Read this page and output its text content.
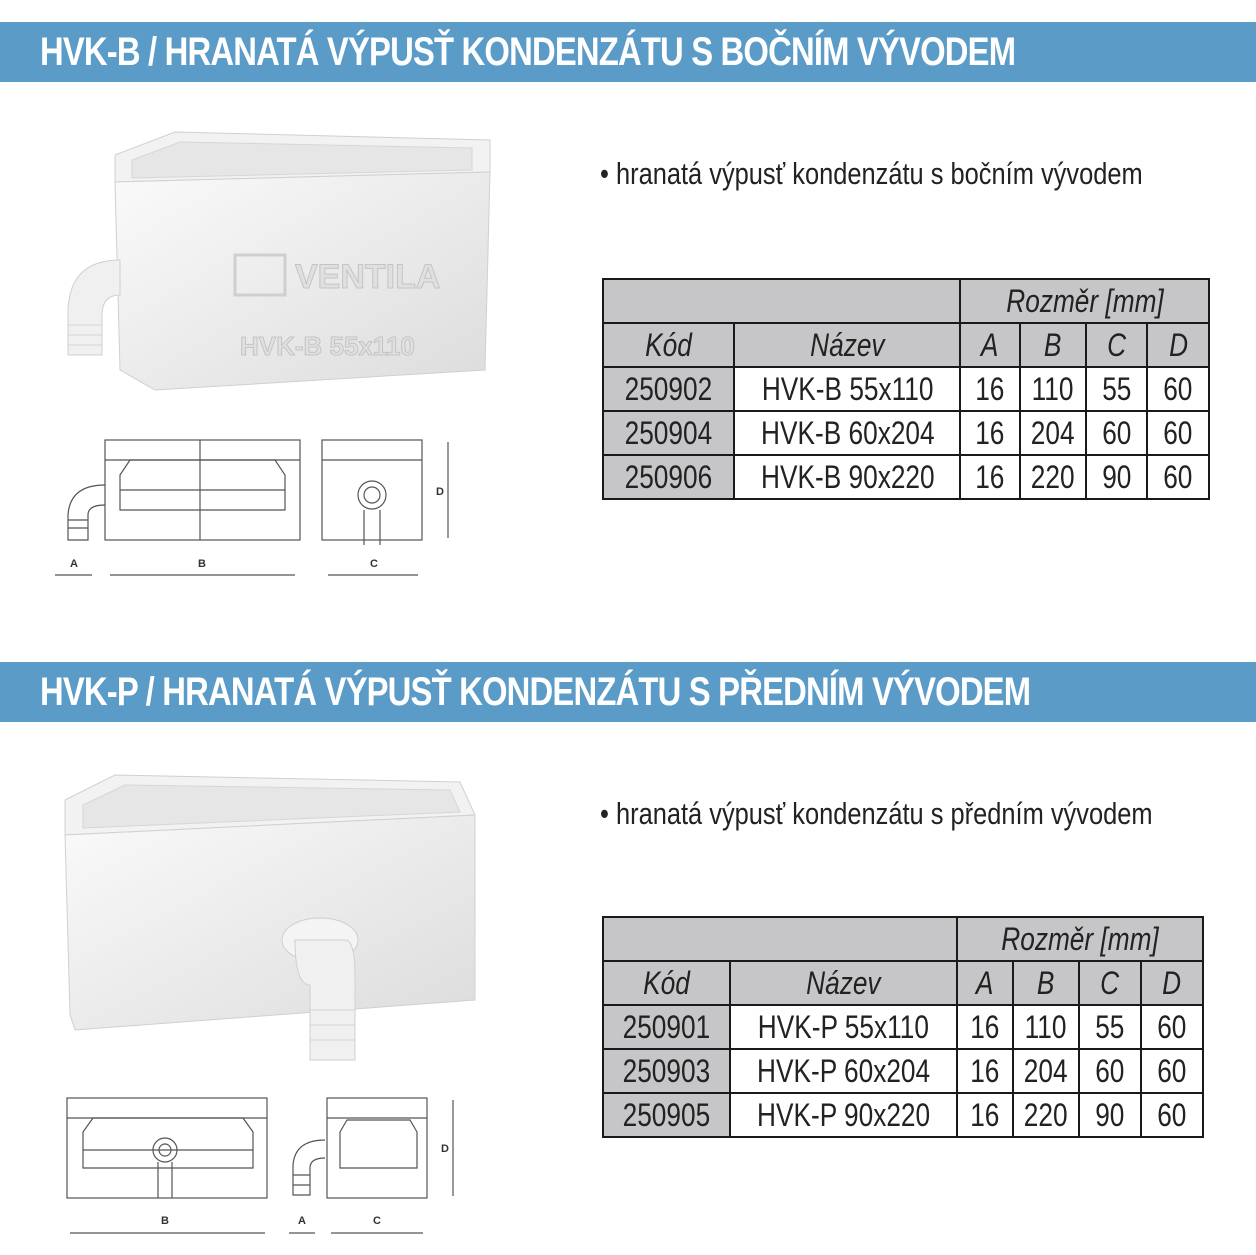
HVK-B / HRANATÁ VÝPUSŤ KONDENZÁTU S BOČNÍM VÝVODEM
VENTILA
HVK-B 55x110
• hranatá výpusť kondenzátu s bočním vývodem
		Rozměr [mm]			
Kód	Název	A	B	C	D
250902	HVK-B 55x110	16	110	55	60
250904	HVK-B 60x204	16	204	60	60
250906	HVK-B 90x220	16	220	90	60
A	B	C
D
HVK-P / HRANATÁ VÝPUSŤ KONDENZÁTU S PŘEDNÍM VÝVODEM
• hranatá výpusť kondenzátu s předním vývodem
		Rozměr [mm]			
Kód	Název	A	B	C	D
250901	HVK-P 55x110	16	110	55	60
250903	HVK-P 60x204	16	204	60	60
250905	HVK-P 90x220	16	220	90	60
B	A	C
D
